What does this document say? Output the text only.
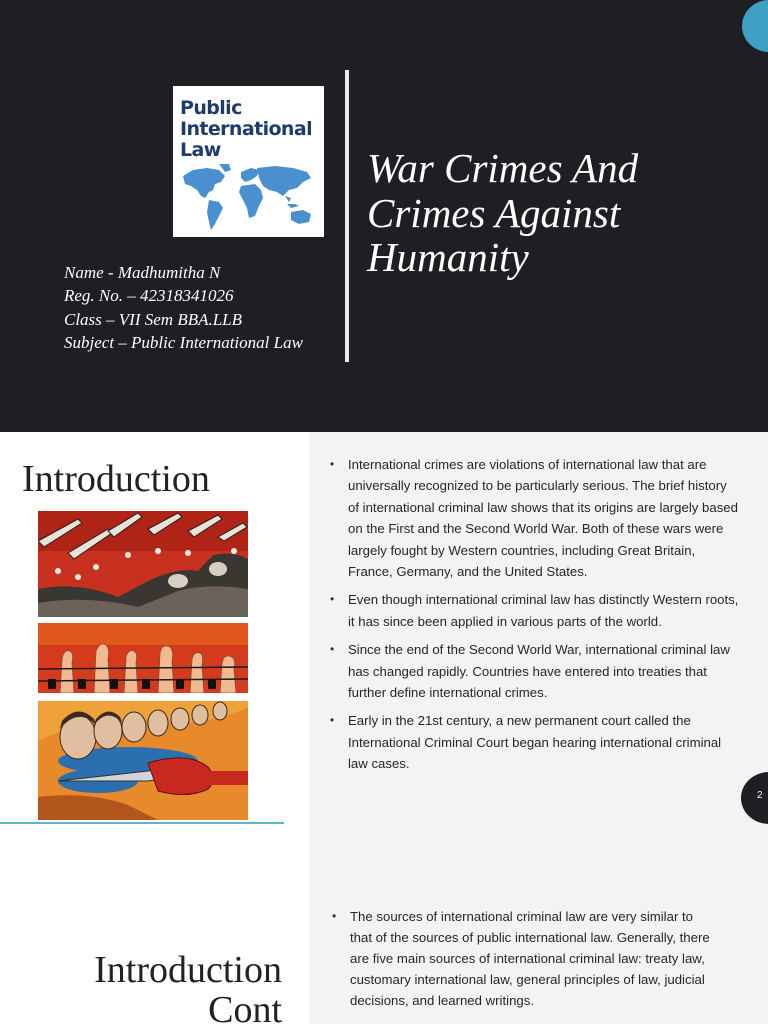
Public
International
Law
Name - Madhumitha N
Reg. No. – 42318341026
Class – VII Sem BBA.LLB
Subject – Public International Law
War Crimes And
Crimes Against
Humanity
Introduction
•	International crimes are violations of international law that are universally recognized to be particularly serious. The brief history of international criminal law shows that its origins are largely based on the First and the Second World War. Both of these wars were largely fought by Western countries, including Great Britain, France, Germany, and the United States.
• Even though international criminal law has distinctly Western roots, it has since been applied in various parts of the world.
• Since the end of the Second World War, international criminal law has changed rapidly. Countries have entered into treaties that further define international crimes.
• Early in the 21st century, a new permanent court called the International Criminal Court began hearing international criminal law cases.
2
Introduction
Cont
• The sources of international criminal law are very similar to that of the sources of public international law. Generally, there are five main sources of international criminal law: treaty law, customary international law, general principles of law, judicial decisions, and learned writings.
